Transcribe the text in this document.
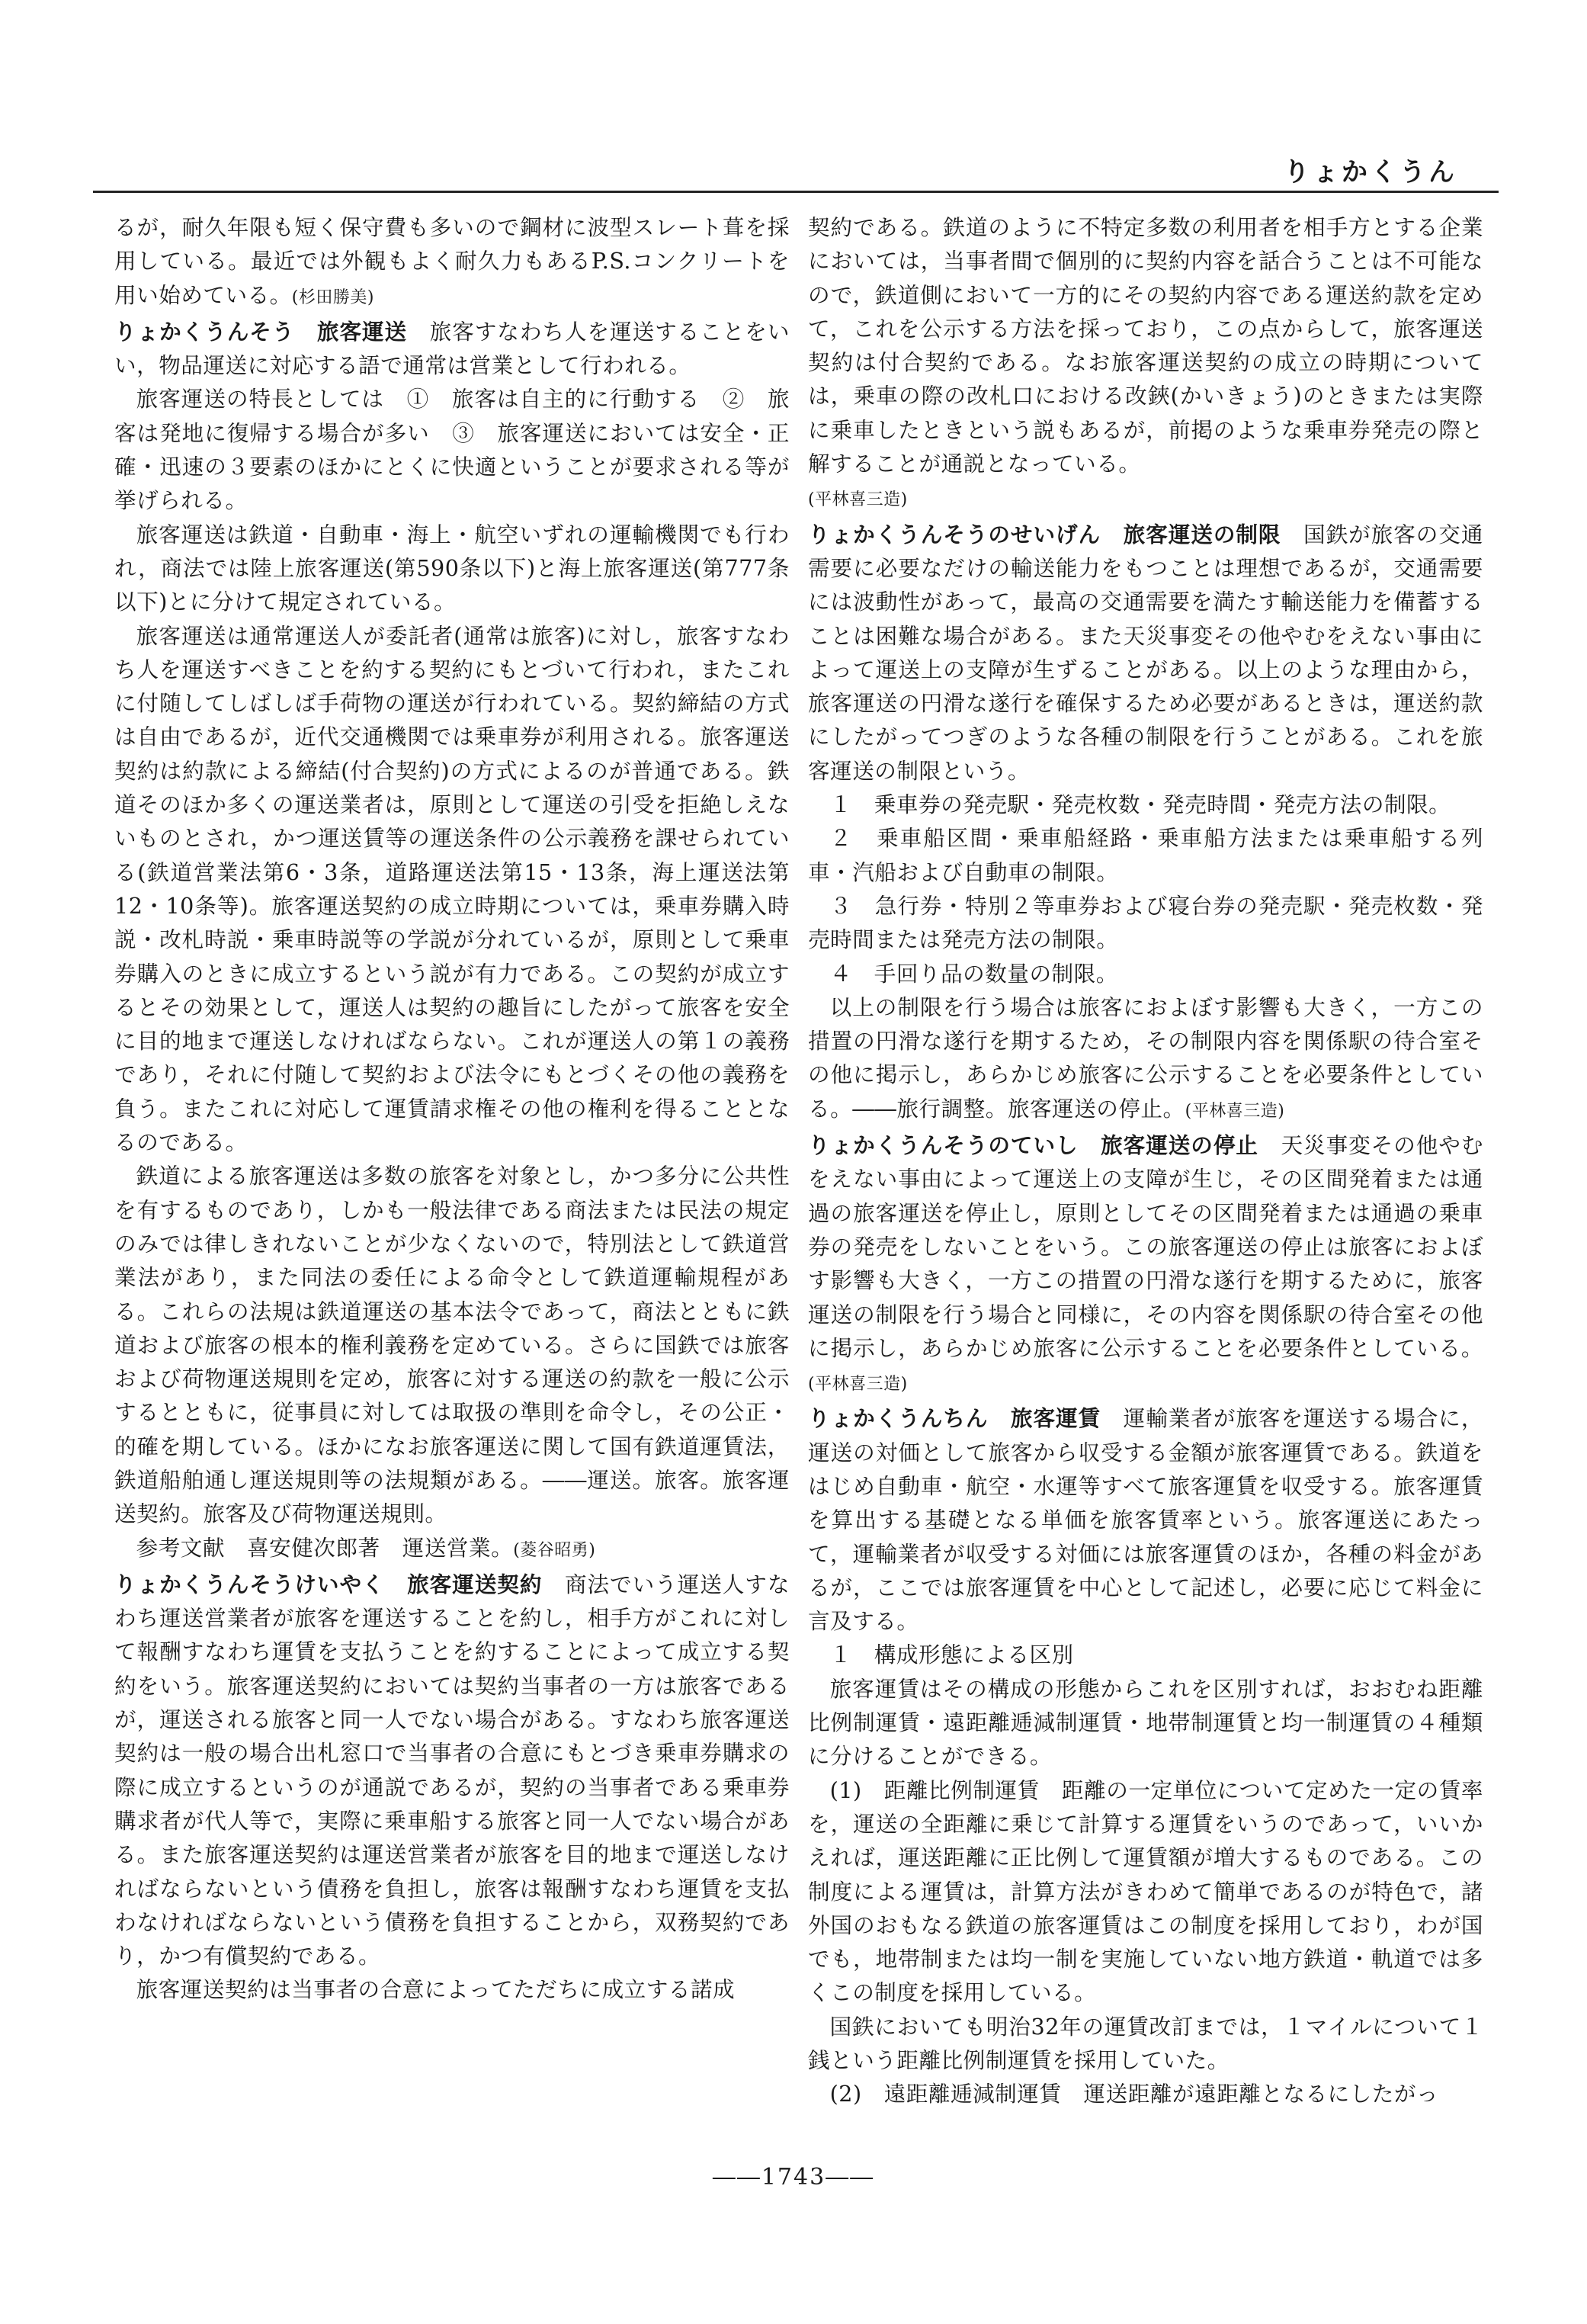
りょかくうん

るが，耐久年限も短く保守費も多いので鋼材に波型スレート葺を採用している。最近では外観もよく耐久力もあるP.S.コンクリートを用い始めている。(杉田勝美)

りょかくうんそう　 旅客運送　 旅客すなわち人を運送することをいい，物品運送に対応する語で通常は営業として行われる。

旅客運送の特長としては　①　旅客は自主的に行動する　②　旅客は発地に復帰する場合が多い　③　旅客運送においては安全・正確・迅速の３要素のほかにとくに快適ということが要求される等が挙げられる。

旅客運送は鉄道・自動車・海上・航空いずれの運輸機関でも行われ，商法では陸上旅客運送(第590条以下)と海上旅客運送(第777条以下)とに分けて規定されている。

旅客運送は通常運送人が委託者(通常は旅客)に対し，旅客すなわち人を運送すべきことを約する契約にもとづいて行われ，またこれに付随してしばしば手荷物の運送が行われている。契約締結の方式は自由であるが，近代交通機関では乗車券が利用される。旅客運送契約は約款による締結(付合契約)の方式によるのが普通である。鉄道そのほか多くの運送業者は，原則として運送の引受を拒絶しえないものとされ，かつ運送賃等の運送条件の公示義務を課せられている(鉄道営業法第6・3条，道路運送法第15・13条，海上運送法第12・10条等)。旅客運送契約の成立時期については，乗車券購入時説・改札時説・乗車時説等の学説が分れているが，原則として乗車券購入のときに成立するという説が有力である。この契約が成立するとその効果として，運送人は契約の趣旨にしたがって旅客を安全に目的地まで運送しなければならない。これが運送人の第１の義務であり，それに付随して契約および法令にもとづくその他の義務を負う。またこれに対応して運賃請求権その他の権利を得ることとなるのである。

鉄道による旅客運送は多数の旅客を対象とし，かつ多分に公共性を有するものであり，しかも一般法律である商法または民法の規定のみでは律しきれないことが少なくないので，特別法として鉄道営業法があり，また同法の委任による命令として鉄道運輸規程がある。これらの法規は鉄道運送の基本法令であって，商法とともに鉄道および旅客の根本的権利義務を定めている。さらに国鉄では旅客および荷物運送規則を定め，旅客に対する運送の約款を一般に公示するとともに，従事員に対しては取扱の準則を命令し，その公正・的確を期している。ほかになお旅客運送に関して国有鉄道運賃法，鉄道船舶通し運送規則等の法規類がある。――運送。旅客。旅客運送契約。旅客及び荷物運送規則。

参考文献　喜安健次郎著　運送営業。(菱谷昭勇)

りょかくうんそうけいやく　 旅客運送契約　 商法でいう運送人すなわち運送営業者が旅客を運送することを約し，相手方がこれに対して報酬すなわち運賃を支払うことを約することによって成立する契約をいう。旅客運送契約においては契約当事者の一方は旅客であるが，運送される旅客と同一人でない場合がある。すなわち旅客運送契約は一般の場合出札窓口で当事者の合意にもとづき乗車券購求の際に成立するというのが通説であるが，契約の当事者である乗車券購求者が代人等で，実際に乗車船する旅客と同一人でない場合がある。また旅客運送契約は運送営業者が旅客を目的地まで運送しなければならないという債務を負担し，旅客は報酬すなわち運賃を支払わなければならないという債務を負担することから，双務契約であり，かつ有償契約である。

旅客運送契約は当事者の合意によってただちに成立する諾成

契約である。鉄道のように不特定多数の利用者を相手方とする企業においては，当事者間で個別的に契約内容を話合うことは不可能なので，鉄道側において一方的にその契約内容である運送約款を定めて，これを公示する方法を採っており，この点からして，旅客運送契約は付合契約である。なお旅客運送契約の成立の時期については，乗車の際の改札口における改鋏(かいきょう)のときまたは実際に乗車したときという説もあるが，前掲のような乗車券発売の際と解することが通説となっている。

(平林喜三造)

りょかくうんそうのせいげん　 旅客運送の制限　 国鉄が旅客の交通需要に必要なだけの輸送能力をもつことは理想であるが，交通需要には波動性があって，最高の交通需要を満たす輸送能力を備蓄することは困難な場合がある。また天災事変その他やむをえない事由によって運送上の支障が生ずることがある。以上のような理由から，旅客運送の円滑な遂行を確保するため必要があるときは，運送約款にしたがってつぎのような各種の制限を行うことがある。これを旅客運送の制限という。

１　乗車券の発売駅・発売枚数・発売時間・発売方法の制限。

２　乗車船区間・乗車船経路・乗車船方法または乗車船する列車・汽船および自動車の制限。

３　急行券・特別２等車券および寝台券の発売駅・発売枚数・発売時間または発売方法の制限。

４　手回り品の数量の制限。

以上の制限を行う場合は旅客におよぼす影響も大きく，一方この措置の円滑な遂行を期するため，その制限内容を関係駅の待合室その他に掲示し，あらかじめ旅客に公示することを必要条件としている。――旅行調整。旅客運送の停止。(平林喜三造)

りょかくうんそうのていし　 旅客運送の停止　 天災事変その他やむをえない事由によって運送上の支障が生じ，その区間発着または通過の旅客運送を停止し，原則としてその区間発着または通過の乗車券の発売をしないことをいう。この旅客運送の停止は旅客におよぼす影響も大きく，一方この措置の円滑な遂行を期するために，旅客運送の制限を行う場合と同様に，その内容を関係駅の待合室その他に掲示し，あらかじめ旅客に公示することを必要条件としている。(平林喜三造)

りょかくうんちん　 旅客運賃　 運輸業者が旅客を運送する場合に，運送の対価として旅客から収受する金額が旅客運賃である。鉄道をはじめ自動車・航空・水運等すべて旅客運賃を収受する。旅客運賃を算出する基礎となる単価を旅客賃率という。旅客運送にあたって，運輸業者が収受する対価には旅客運賃のほか，各種の料金があるが，ここでは旅客運賃を中心として記述し，必要に応じて料金に言及する。

１　構成形態による区別

旅客運賃はその構成の形態からこれを区別すれば，おおむね距離比例制運賃・遠距離逓減制運賃・地帯制運賃と均一制運賃の４種類に分けることができる。

(1)　距離比例制運賃　距離の一定単位について定めた一定の賃率を，運送の全距離に乗じて計算する運賃をいうのであって，いいかえれば，運送距離に正比例して運賃額が増大するものである。この制度による運賃は，計算方法がきわめて簡単であるのが特色で，諸外国のおもなる鉄道の旅客運賃はこの制度を採用しており，わが国でも，地帯制または均一制を実施していない地方鉄道・軌道では多くこの制度を採用している。

国鉄においても明治32年の運賃改訂までは，１マイルについて１銭という距離比例制運賃を採用していた。

(2)　遠距離逓減制運賃　運送距離が遠距離となるにしたがっ

――1743――
